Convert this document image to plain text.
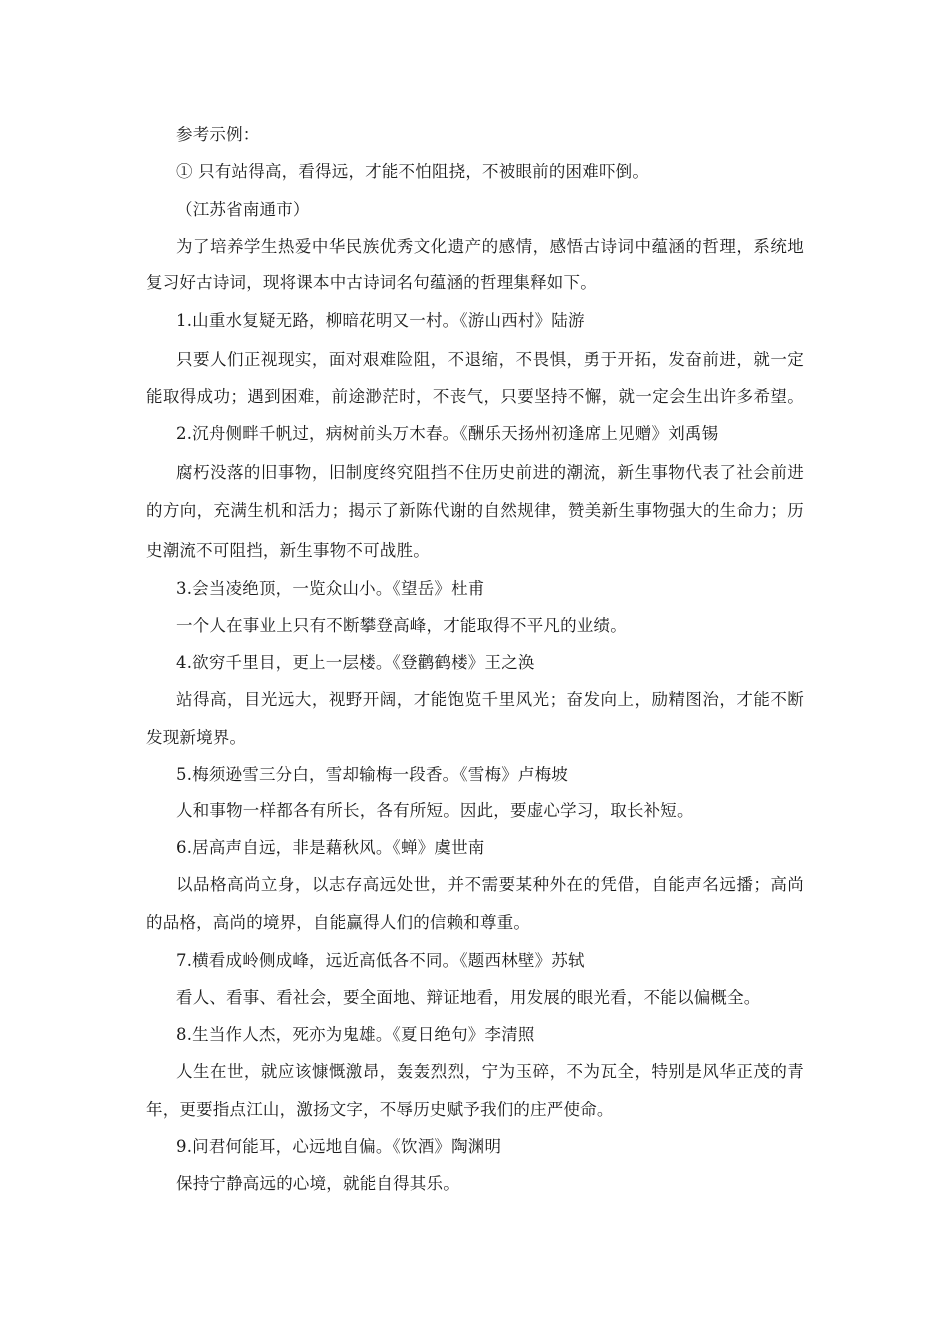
参考示例：
① 只有站得高，看得远，才能不怕阻挠，不被眼前的困难吓倒。
（江苏省南通市）
为了培养学生热爱中华民族优秀文化遗产的感情，感悟古诗词中蕴涵的哲理，系统地
复习好古诗词，现将课本中古诗词名句蕴涵的哲理集释如下。
1.山重水复疑无路，柳暗花明又一村。《游山西村》陆游
只要人们正视现实，面对艰难险阻，不退缩，不畏惧，勇于开拓，发奋前进，就一定
能取得成功；遇到困难，前途渺茫时，不丧气，只要坚持不懈，就一定会生出许多希望。
2.沉舟侧畔千帆过，病树前头万木春。《酬乐天扬州初逢席上见赠》刘禹锡
腐朽没落的旧事物，旧制度终究阻挡不住历史前进的潮流，新生事物代表了社会前进
的方向，充满生机和活力；揭示了新陈代谢的自然规律，赞美新生事物强大的生命力；历
史潮流不可阻挡，新生事物不可战胜。
3.会当凌绝顶，一览众山小。《望岳》杜甫
一个人在事业上只有不断攀登高峰，才能取得不平凡的业绩。
4.欲穷千里目，更上一层楼。《登鹳鹤楼》王之涣
站得高，目光远大，视野开阔，才能饱览千里风光；奋发向上，励精图治，才能不断
发现新境界。
5.梅须逊雪三分白，雪却输梅一段香。《雪梅》卢梅坡
人和事物一样都各有所长，各有所短。因此，要虚心学习，取长补短。
6.居高声自远，非是藉秋风。《蝉》虞世南
以品格高尚立身，以志存高远处世，并不需要某种外在的凭借，自能声名远播；高尚
的品格，高尚的境界，自能赢得人们的信赖和尊重。
7.横看成岭侧成峰，远近高低各不同。《题西林壁》苏轼
看人、看事、看社会，要全面地、辩证地看，用发展的眼光看，不能以偏概全。
8.生当作人杰，死亦为鬼雄。《夏日绝句》李清照
人生在世，就应该慷慨激昂，轰轰烈烈，宁为玉碎，不为瓦全，特别是风华正茂的青
年，更要指点江山，激扬文字，不辱历史赋予我们的庄严使命。
9.问君何能耳，心远地自偏。《饮酒》陶渊明
保持宁静高远的心境，就能自得其乐。
